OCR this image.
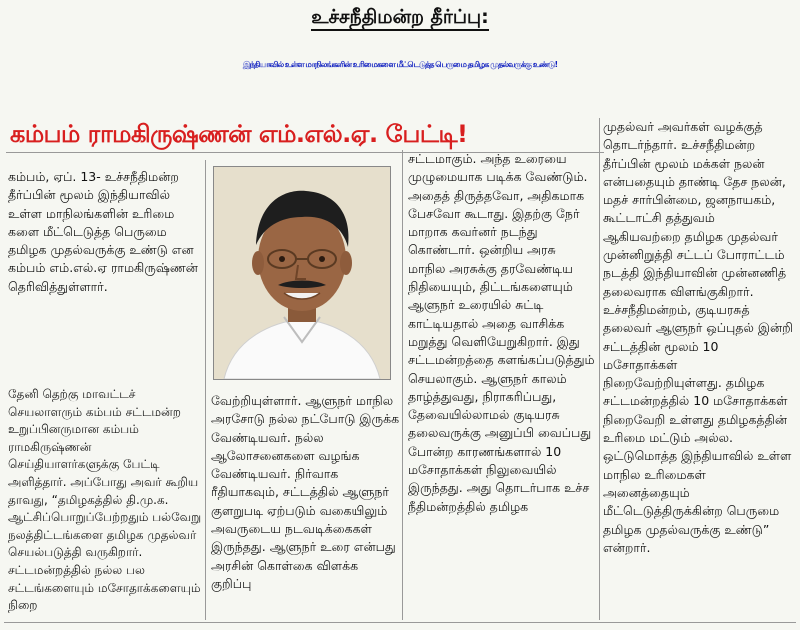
உச்சநீதிமன்ற தீர்ப்பு:
இந்தியாவில் உள்ள மாநிலங்களின் உரிமைகளை மீட்டெடுத்த பெருமை தமிழக முதல்வருக்கு உண்டு!
கம்பம் ராமகிருஷ்ணன் எம்.எல்.ஏ. பேட்டி!

கம்பம், ஏப். 13- உச்சநீதிமன்ற தீர்ப்பின் மூலம் இந்தியாவில் உள்ள மாநிலங்களின் உரிமை களை மீட்டெடுத்த பெருமை தமிழக முதல்வருக்கு உண்டு என கம்பம் எம்.எல்.ஏ ராமகிருஷ்ணன் தெரிவித்துள்ளார்.

தேனி தெற்கு மாவட்டச் செயலாளரும் கம்பம் சட்டமன்ற உறுப்பினருமான கம்பம் ராமகிருஷ்ணன் செய்தியாளர்களுக்கு பேட்டி அளித்தார். அப்போது அவர் கூறிய தாவது, “தமிழகத்தில் தி.மு.க. ஆட்சிப்பொறுப்பேற்றதும் பல்வேறு நலத்திட்டங்களை தமிழக முதல்வர் செயல்படுத்தி வருகிறார். சட்டமன்றத்தில் நல்ல பல சட்டங்களையும் மசோதாக்களையும் நிறை

வேற்றியுள்ளார். ஆளுநர் மாநில அரசோடு நல்ல நட்போடு இருக்க வேண்டியவர். நல்ல ஆலோசனைகளை வழங்க வேண்டியவர். நிர்வாக ரீதியாகவும், சட்டத்தில் ஆளுநர் குளறுபடி ஏற்படும் வகையிலும் அவருடைய நடவடிக்கைகள் இருந்தது. ஆளுநர் உரை என்பது அரசின் கொள்கை விளக்க குறிப்பு

சட்டமாகும். அந்த உரையை முழுமையாக படிக்க வேண்டும். அதைத் திருத்தவோ, அதிகமாக பேசவோ கூடாது. இதற்கு நேர் மாறாக கவர்னர் நடந்து கொண்டார். ஒன்றிய அரசு மாநில அரசுக்கு தரவேண்டிய நிதியையும், திட்டங்களையும் ஆளுநர் உரையில் சுட்டி காட்டியதால் அதை வாசிக்க மறுத்து வெளியேறுகிறார். இது சட்டமன்றத்தை களங்கப்படுத்தும் செயலாகும். ஆளுநர் காலம் தாழ்த்துவது, நிராகரிப்பது, தேவையில்லாமல் குடியரசு தலைவருக்கு அனுப்பி வைப்பது போன்ற காரணங்களால் 10 மசோதாக்கள் நிலுவையில் இருந்தது. அது தொடர்பாக உச்ச நீதிமன்றத்தில் தமிழக

முதல்வர் அவர்கள் வழக்குத் தொடர்ந்தார். உச்சநீதிமன்ற தீர்ப்பின் மூலம் மக்கள் நலன் என்பதையும் தாண்டி தேச நலன், மதச் சார்பின்மை, ஜனநாயகம், கூட்டாட்சி தத்துவம் ஆகியவற்றை தமிழக முதல்வர் முன்னிறுத்தி சட்டப் போராட்டம் நடத்தி இந்தியாவின் முன்னணித் தலைவராக விளங்குகிறார். உச்சநீதிமன்றம், குடியரசுத் தலைவர் ஆளுநர் ஒப்புதல் இன்றி சட்டத்தின் மூலம் 10 மசோதாக்கள் நிறைவேற்றியுள்ளது. தமிழக சட்டமன்றத்தில் 10 மசோதாக்கள் நிறைவேறி உள்ளது தமிழகத்தின் உரிமை மட்டும் அல்ல. ஒட்டுமொத்த இந்தியாவில் உள்ள மாநில உரிமைகள் அனைத்தையும் மீட்டெடுத்திருக்கின்ற பெருமை தமிழக முதல்வருக்கு உண்டு” என்றார்.
